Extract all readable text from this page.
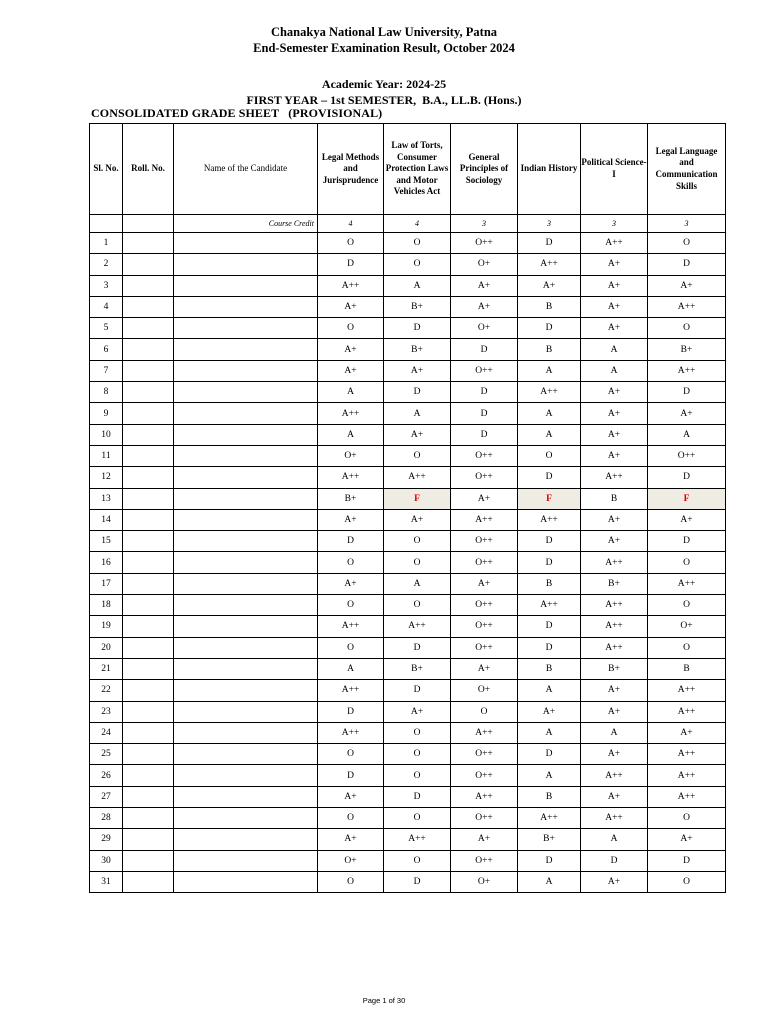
Chanakya National Law University, Patna
End-Semester Examination Result, October 2024
Academic Year: 2024-25
FIRST YEAR – 1st SEMESTER,  B.A., LL.B. (Hons.)
CONSOLIDATED GRADE SHEET   (PROVISIONAL)
Sl. No.	Roll. No.	Name of the Candidate	Legal Methods and Jurisprudence	Law of Torts, Consumer Protection Laws and Motor Vehicles Act	General Principles of Sociology	Indian History	Political Science- I	Legal Language and Communication Skills
		Course Credit	4	4	3	3	3	3
1			O	O	O++	D	A++	O
2			D	O	O+	A++	A+	D
3			A++	A	A+	A+	A+	A+
4			A+	B+	A+	B	A+	A++
5			O	D	O+	D	A+	O
6			A+	B+	D	B	A	B+
7			A+	A+	O++	A	A	A++
8			A	D	D	A++	A+	D
9			A++	A	D	A	A+	A+
10			A	A+	D	A	A+	A
11			O+	O	O++	O	A+	O++
12			A++	A++	O++	D	A++	D
13			B+	F	A+	F	B	F
14			A+	A+	A++	A++	A+	A+
15			D	O	O++	D	A+	D
16			O	O	O++	D	A++	O
17			A+	A	A+	B	B+	A++
18			O	O	O++	A++	A++	O
19			A++	A++	O++	D	A++	O+
20			O	D	O++	D	A++	O
21			A	B+	A+	B	B+	B
22			A++	D	O+	A	A+	A++
23			D	A+	O	A+	A+	A++
24			A++	O	A++	A	A	A+
25			O	O	O++	D	A+	A++
26			D	O	O++	A	A++	A++
27			A+	D	A++	B	A+	A++
28			O	O	O++	A++	A++	O
29			A+	A++	A+	B+	A	A+
30			O+	O	O++	D	D	D
31			O	D	O+	A	A+	O
Page 1 of 30
